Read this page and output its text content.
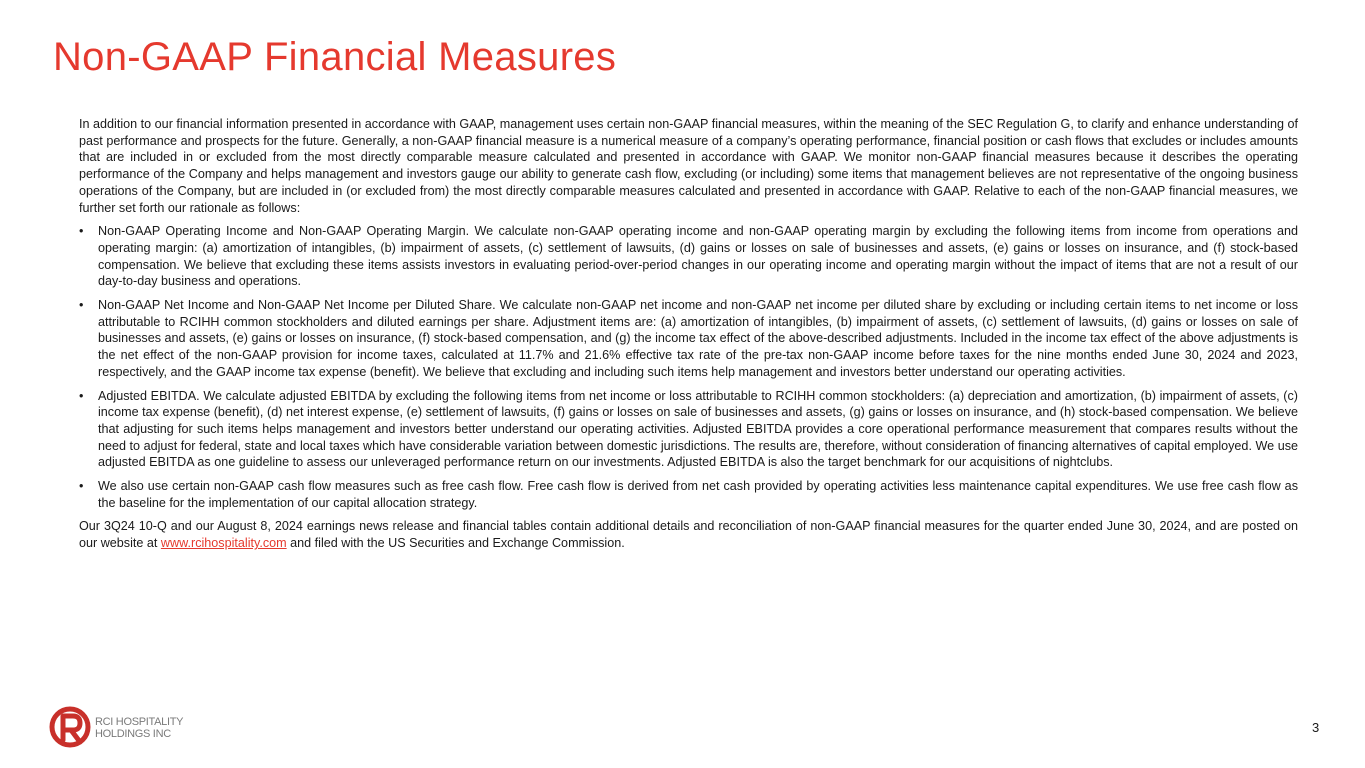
Non-GAAP Financial Measures

In addition to our financial information presented in accordance with GAAP, management uses certain non-GAAP financial measures, within the meaning of the SEC Regulation G, to clarify and enhance understanding of past performance and prospects for the future. Generally, a non-GAAP financial measure is a numerical measure of a company’s operating performance, financial position or cash flows that excludes or includes amounts that are included in or excluded from the most directly comparable measure calculated and presented in accordance with GAAP. We monitor non-GAAP financial measures because it describes the operating performance of the Company and helps management and investors gauge our ability to generate cash flow, excluding (or including) some items that management believes are not representative of the ongoing business operations of the Company, but are included in (or excluded from) the most directly comparable measures calculated and presented in accordance with GAAP. Relative to each of the non-GAAP financial measures, we further set forth our rationale as follows:

• Non-GAAP Operating Income and Non-GAAP Operating Margin. We calculate non-GAAP operating income and non-GAAP operating margin by excluding the following items from income from operations and operating margin: (a) amortization of intangibles, (b) impairment of assets, (c) settlement of lawsuits, (d) gains or losses on sale of businesses and assets, (e) gains or losses on insurance, and (f) stock-based compensation. We believe that excluding these items assists investors in evaluating period-over-period changes in our operating income and operating margin without the impact of items that are not a result of our day-to-day business and operations.
• Non-GAAP Net Income and Non-GAAP Net Income per Diluted Share. We calculate non-GAAP net income and non-GAAP net income per diluted share by excluding or including certain items to net income or loss attributable to RCIHH common stockholders and diluted earnings per share. Adjustment items are: (a) amortization of intangibles, (b) impairment of assets, (c) settlement of lawsuits, (d) gains or losses on sale of businesses and assets, (e) gains or losses on insurance, (f) stock-based compensation, and (g) the income tax effect of the above-described adjustments. Included in the income tax effect of the above adjustments is the net effect of the non-GAAP provision for income taxes, calculated at 11.7% and 21.6% effective tax rate of the pre-tax non-GAAP income before taxes for the nine months ended June 30, 2024 and 2023, respectively, and the GAAP income tax expense (benefit). We believe that excluding and including such items help management and investors better understand our operating activities.
• Adjusted EBITDA. We calculate adjusted EBITDA by excluding the following items from net income or loss attributable to RCIHH common stockholders: (a) depreciation and amortization, (b) impairment of assets, (c) income tax expense (benefit), (d) net interest expense, (e) settlement of lawsuits, (f) gains or losses on sale of businesses and assets, (g) gains or losses on insurance, and (h) stock-based compensation. We believe that adjusting for such items helps management and investors better understand our operating activities. Adjusted EBITDA provides a core operational performance measurement that compares results without the need to adjust for federal, state and local taxes which have considerable variation between domestic jurisdictions. The results are, therefore, without consideration of financing alternatives of capital employed. We use adjusted EBITDA as one guideline to assess our unleveraged performance return on our investments. Adjusted EBITDA is also the target benchmark for our acquisitions of nightclubs.
• We also use certain non-GAAP cash flow measures such as free cash flow. Free cash flow is derived from net cash provided by operating activities less maintenance capital expenditures. We use free cash flow as the baseline for the implementation of our capital allocation strategy.

Our 3Q24 10-Q and our August 8, 2024 earnings news release and financial tables contain additional details and reconciliation of non-GAAP financial measures for the quarter ended June 30, 2024, and are posted on our website at www.rcihospitality.com and filed with the US Securities and Exchange Commission.

RCI HOSPITALITY
HOLDINGS INC	3
